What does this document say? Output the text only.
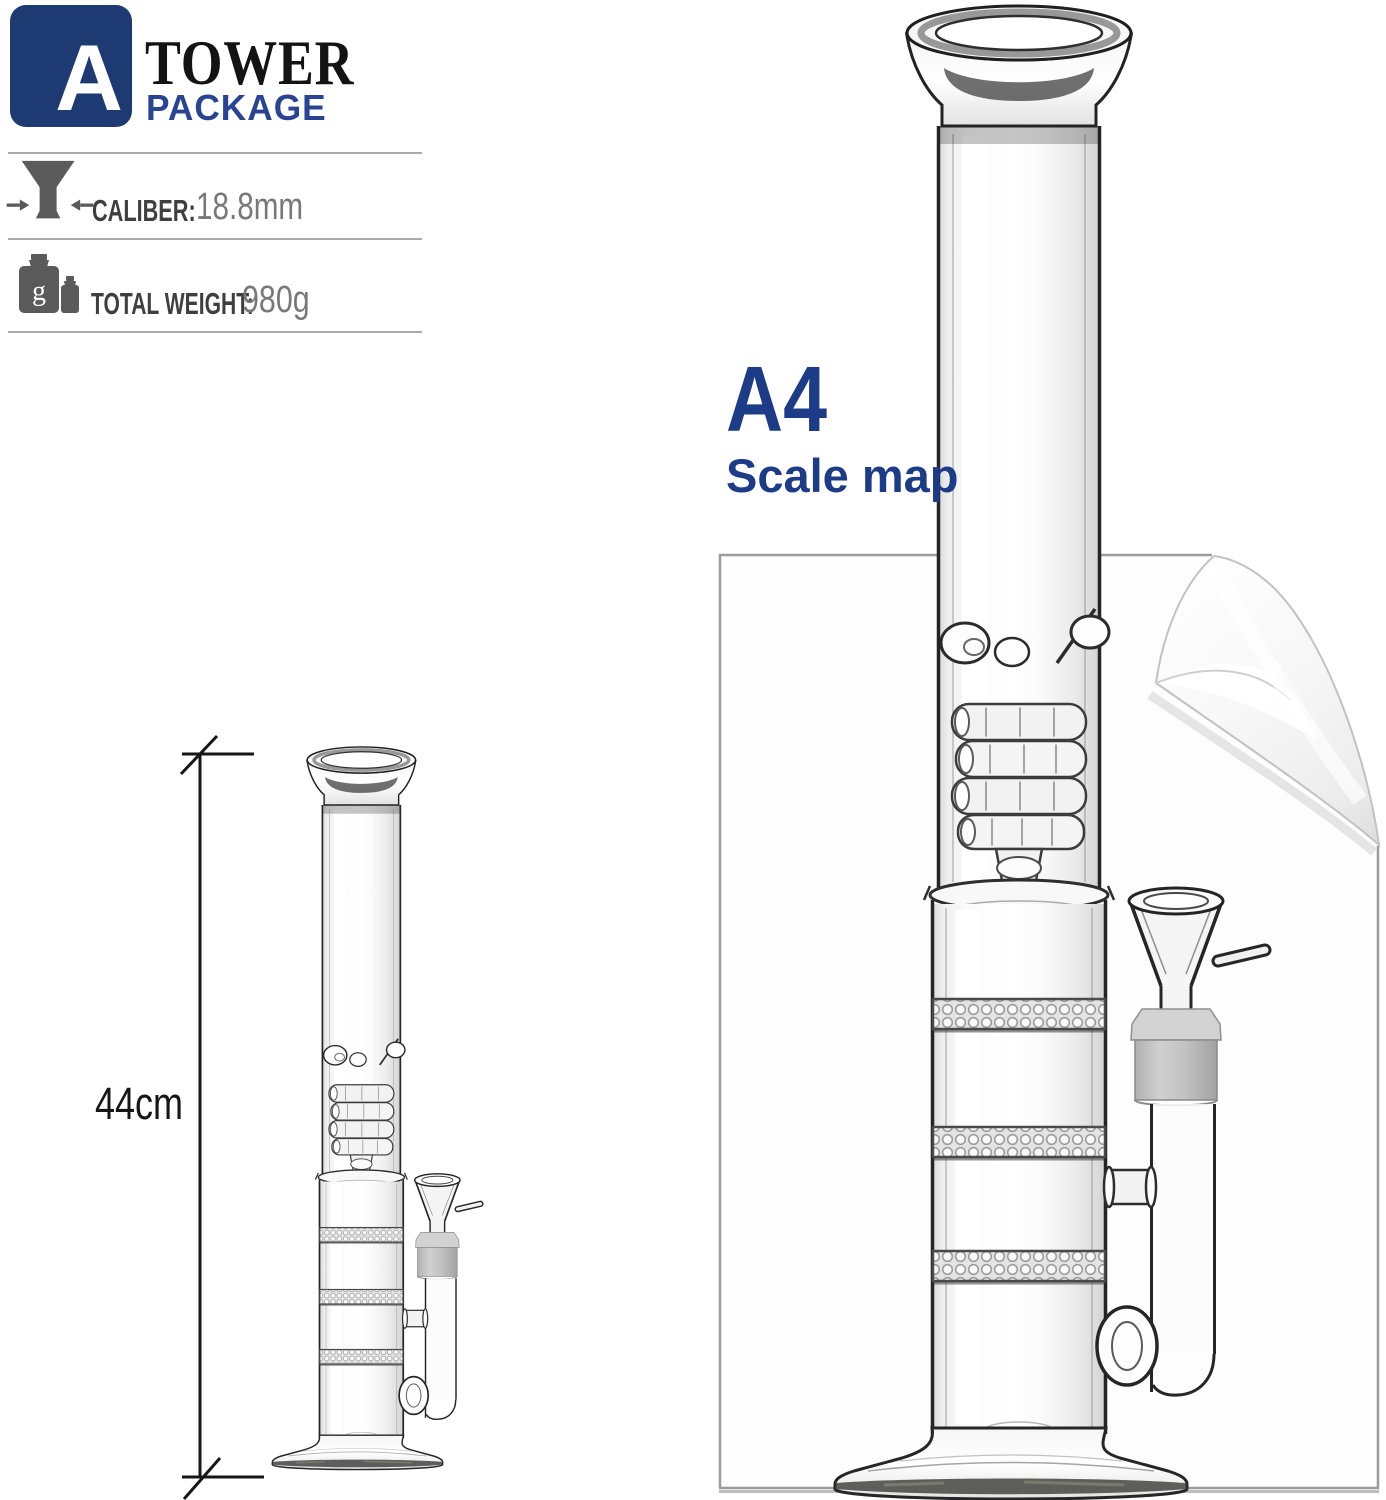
A TOWER
PACKAGE
CALIBER: 18.8mm
g TOTAL WEIGHT:
980g
A4
Scale map
44cm
